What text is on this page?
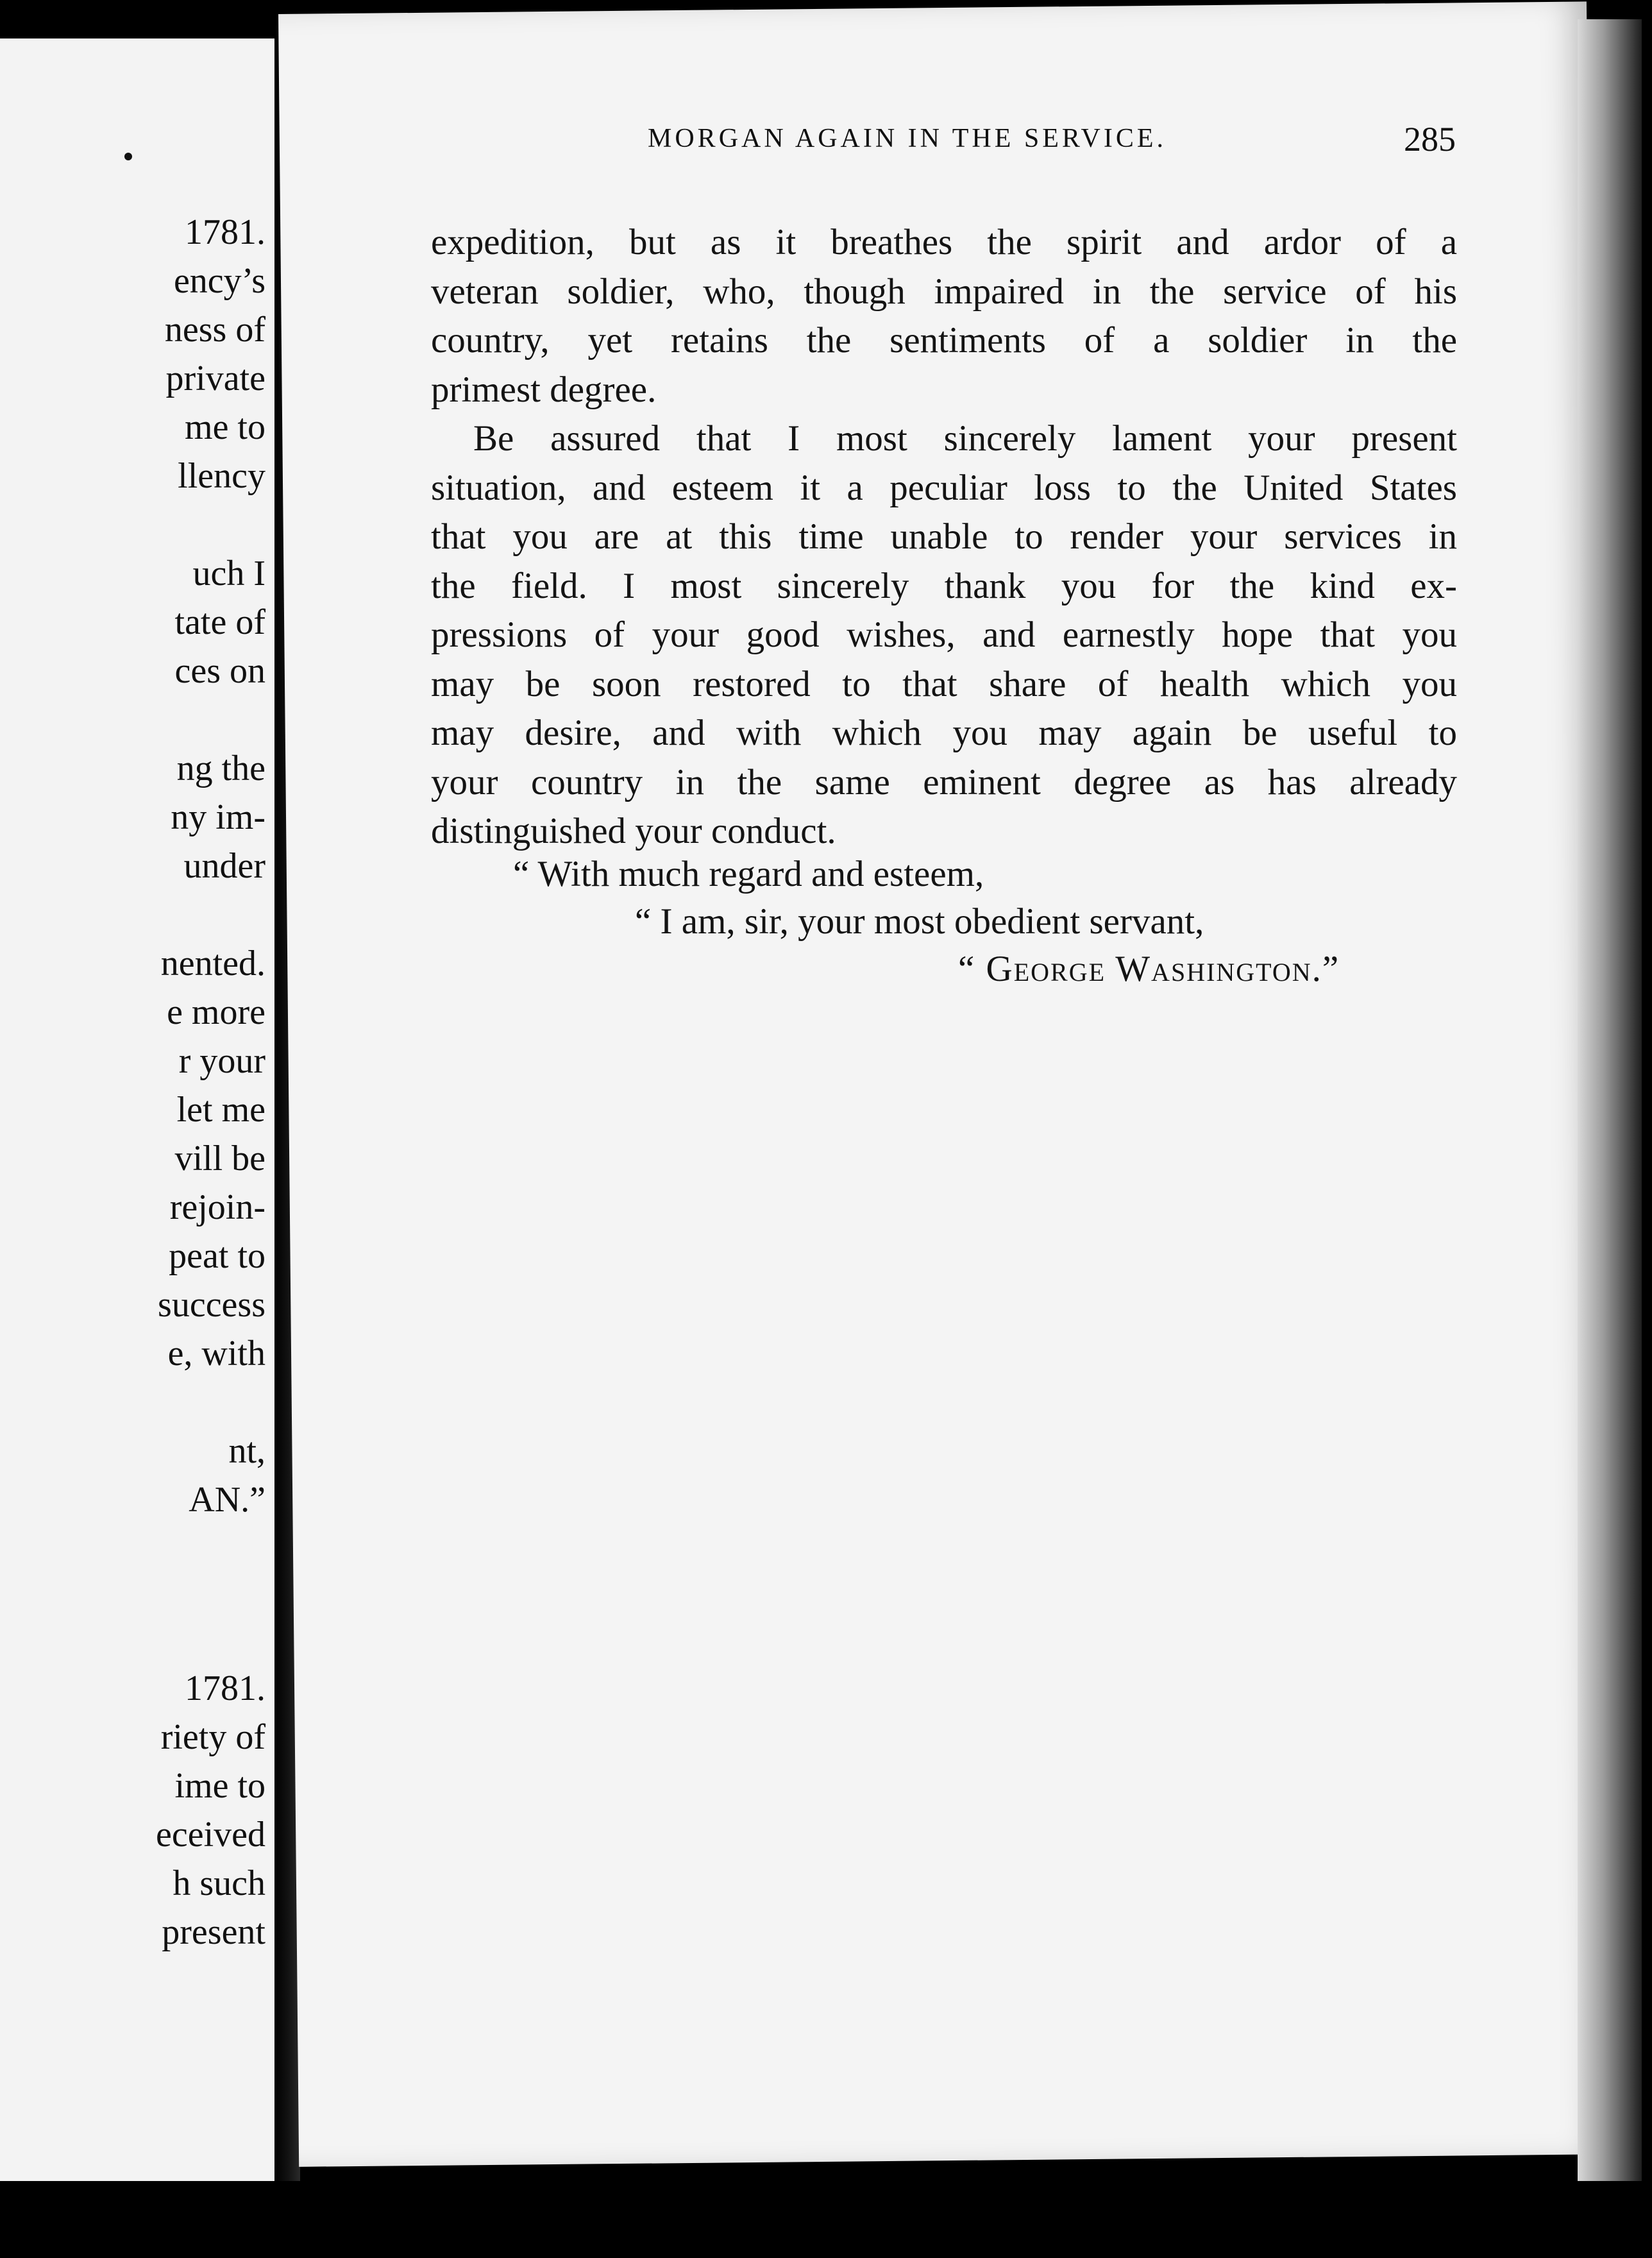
1781.
ency’s
ness of
private
me to
llency
uch I
tate of
ces on
ng the
ny im-
under
nented.
e more
r your
let me
vill be
rejoin-
peat to
success
e, with
nt,
AN.”
1781.
riety of
ime to
eceived
h such
present
MORGAN AGAIN IN THE SERVICE.	285
expedition, but as it breathes the spirit and ardor of a
veteran soldier, who, though impaired in the service of his
country, yet retains the sentiments of a soldier in the
primest degree.
Be assured that I most sincerely lament your present
situation, and esteem it a peculiar loss to the United States
that you are at this time unable to render your services in
the field. I most sincerely thank you for the kind ex-
pressions of your good wishes, and earnestly hope that you
may be soon restored to that share of health which you
may desire, and with which you may again be useful to
your country in the same eminent degree as has already
distinguished your conduct.
“ With much regard and esteem,
“ I am, sir, your most obedient servant,
“ George Washington.”
